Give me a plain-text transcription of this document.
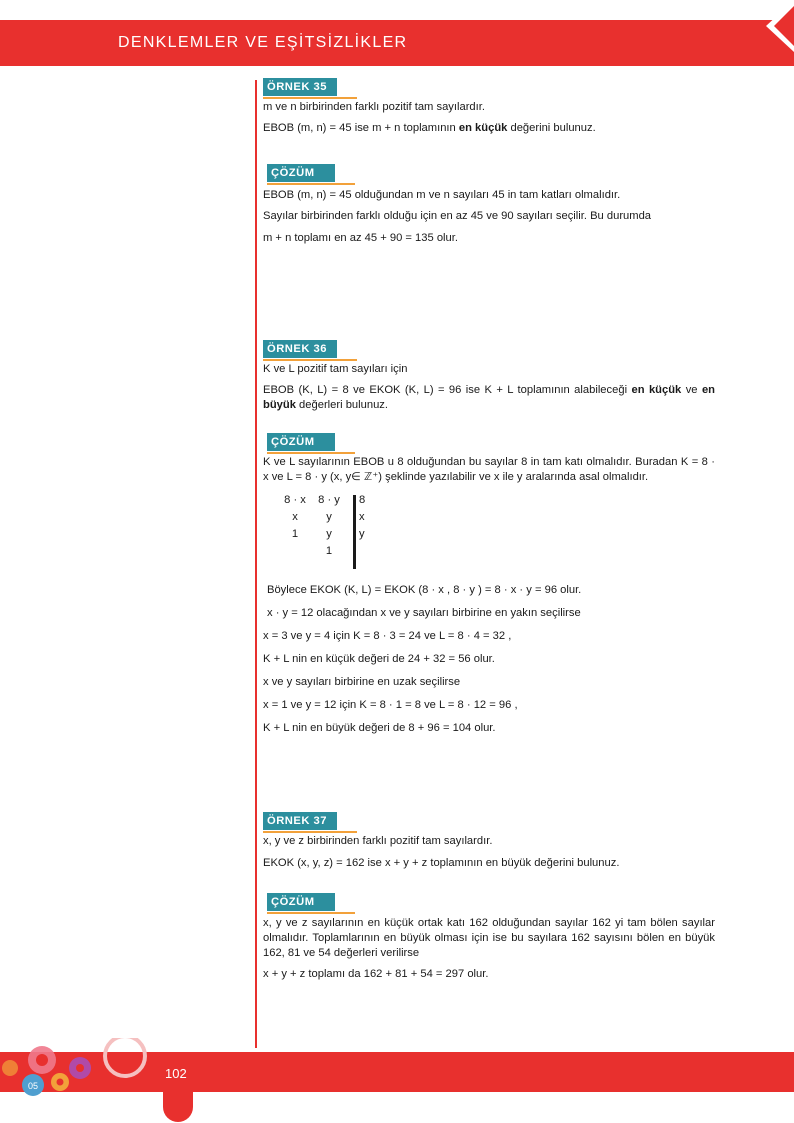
DENKLEMLER VE EŞİTSİZLİKLER
ÖRNEK 35

m ve n birbirinden farklı pozitif tam sayılardır.

EBOB (m, n) = 45 ise m + n toplamının en küçük değerini bulunuz.

ÇÖZÜM

EBOB (m, n) = 45 olduğundan m ve n sayıları 45 in tam katları olmalıdır.

Sayılar birbirinden farklı olduğu için en az 45 ve 90 sayıları seçilir. Bu durumda

m + n toplamı en az 45 + 90 = 135 olur.

ÖRNEK 36

K ve L pozitif tam sayıları için

EBOB (K, L) = 8 ve EKOK (K, L) = 96 ise K + L toplamının alabileceği en küçük ve en büyük değerleri bulunuz.

ÇÖZÜM

K ve L sayılarının EBOB u 8 olduğundan bu sayılar 8 in tam katı olmalıdır. Buradan K = 8 · x ve L = 8 · y (x, y∈ ℤ⁺) şeklinde yazılabilir ve x ile y aralarında asal olmalıdır.

8 · x
x
1
8 · y
y
y
1
8
x
y

Böylece EKOK (K, L) = EKOK (8 · x , 8 · y ) = 8 · x · y = 96 olur.

x · y = 12 olacağından x ve y sayıları birbirine en yakın seçilirse

x = 3 ve y = 4 için K = 8 · 3 = 24 ve L = 8 · 4 = 32 ,

K + L nin en küçük değeri de 24 + 32 = 56 olur.

x ve y sayıları birbirine en uzak seçilirse

x = 1 ve y = 12 için K = 8 · 1 = 8 ve L = 8 · 12 = 96 ,

K + L nin en büyük değeri de 8 + 96 = 104 olur.

ÖRNEK 37

x, y ve z birbirinden farklı pozitif tam sayılardır.

EKOK (x, y, z) = 162 ise x + y + z toplamının en büyük değerini bulunuz.

ÇÖZÜM

x, y ve z sayılarının en küçük ortak katı 162 olduğundan sayılar 162 yi tam bölen sayılar olmalıdır. Toplamlarının en büyük olması için ise bu sayılara 162 sayısını bölen en büyük 162, 81 ve 54 değerleri verilirse

x + y + z toplamı da 162 + 81 + 54 = 297 olur.

102
05
